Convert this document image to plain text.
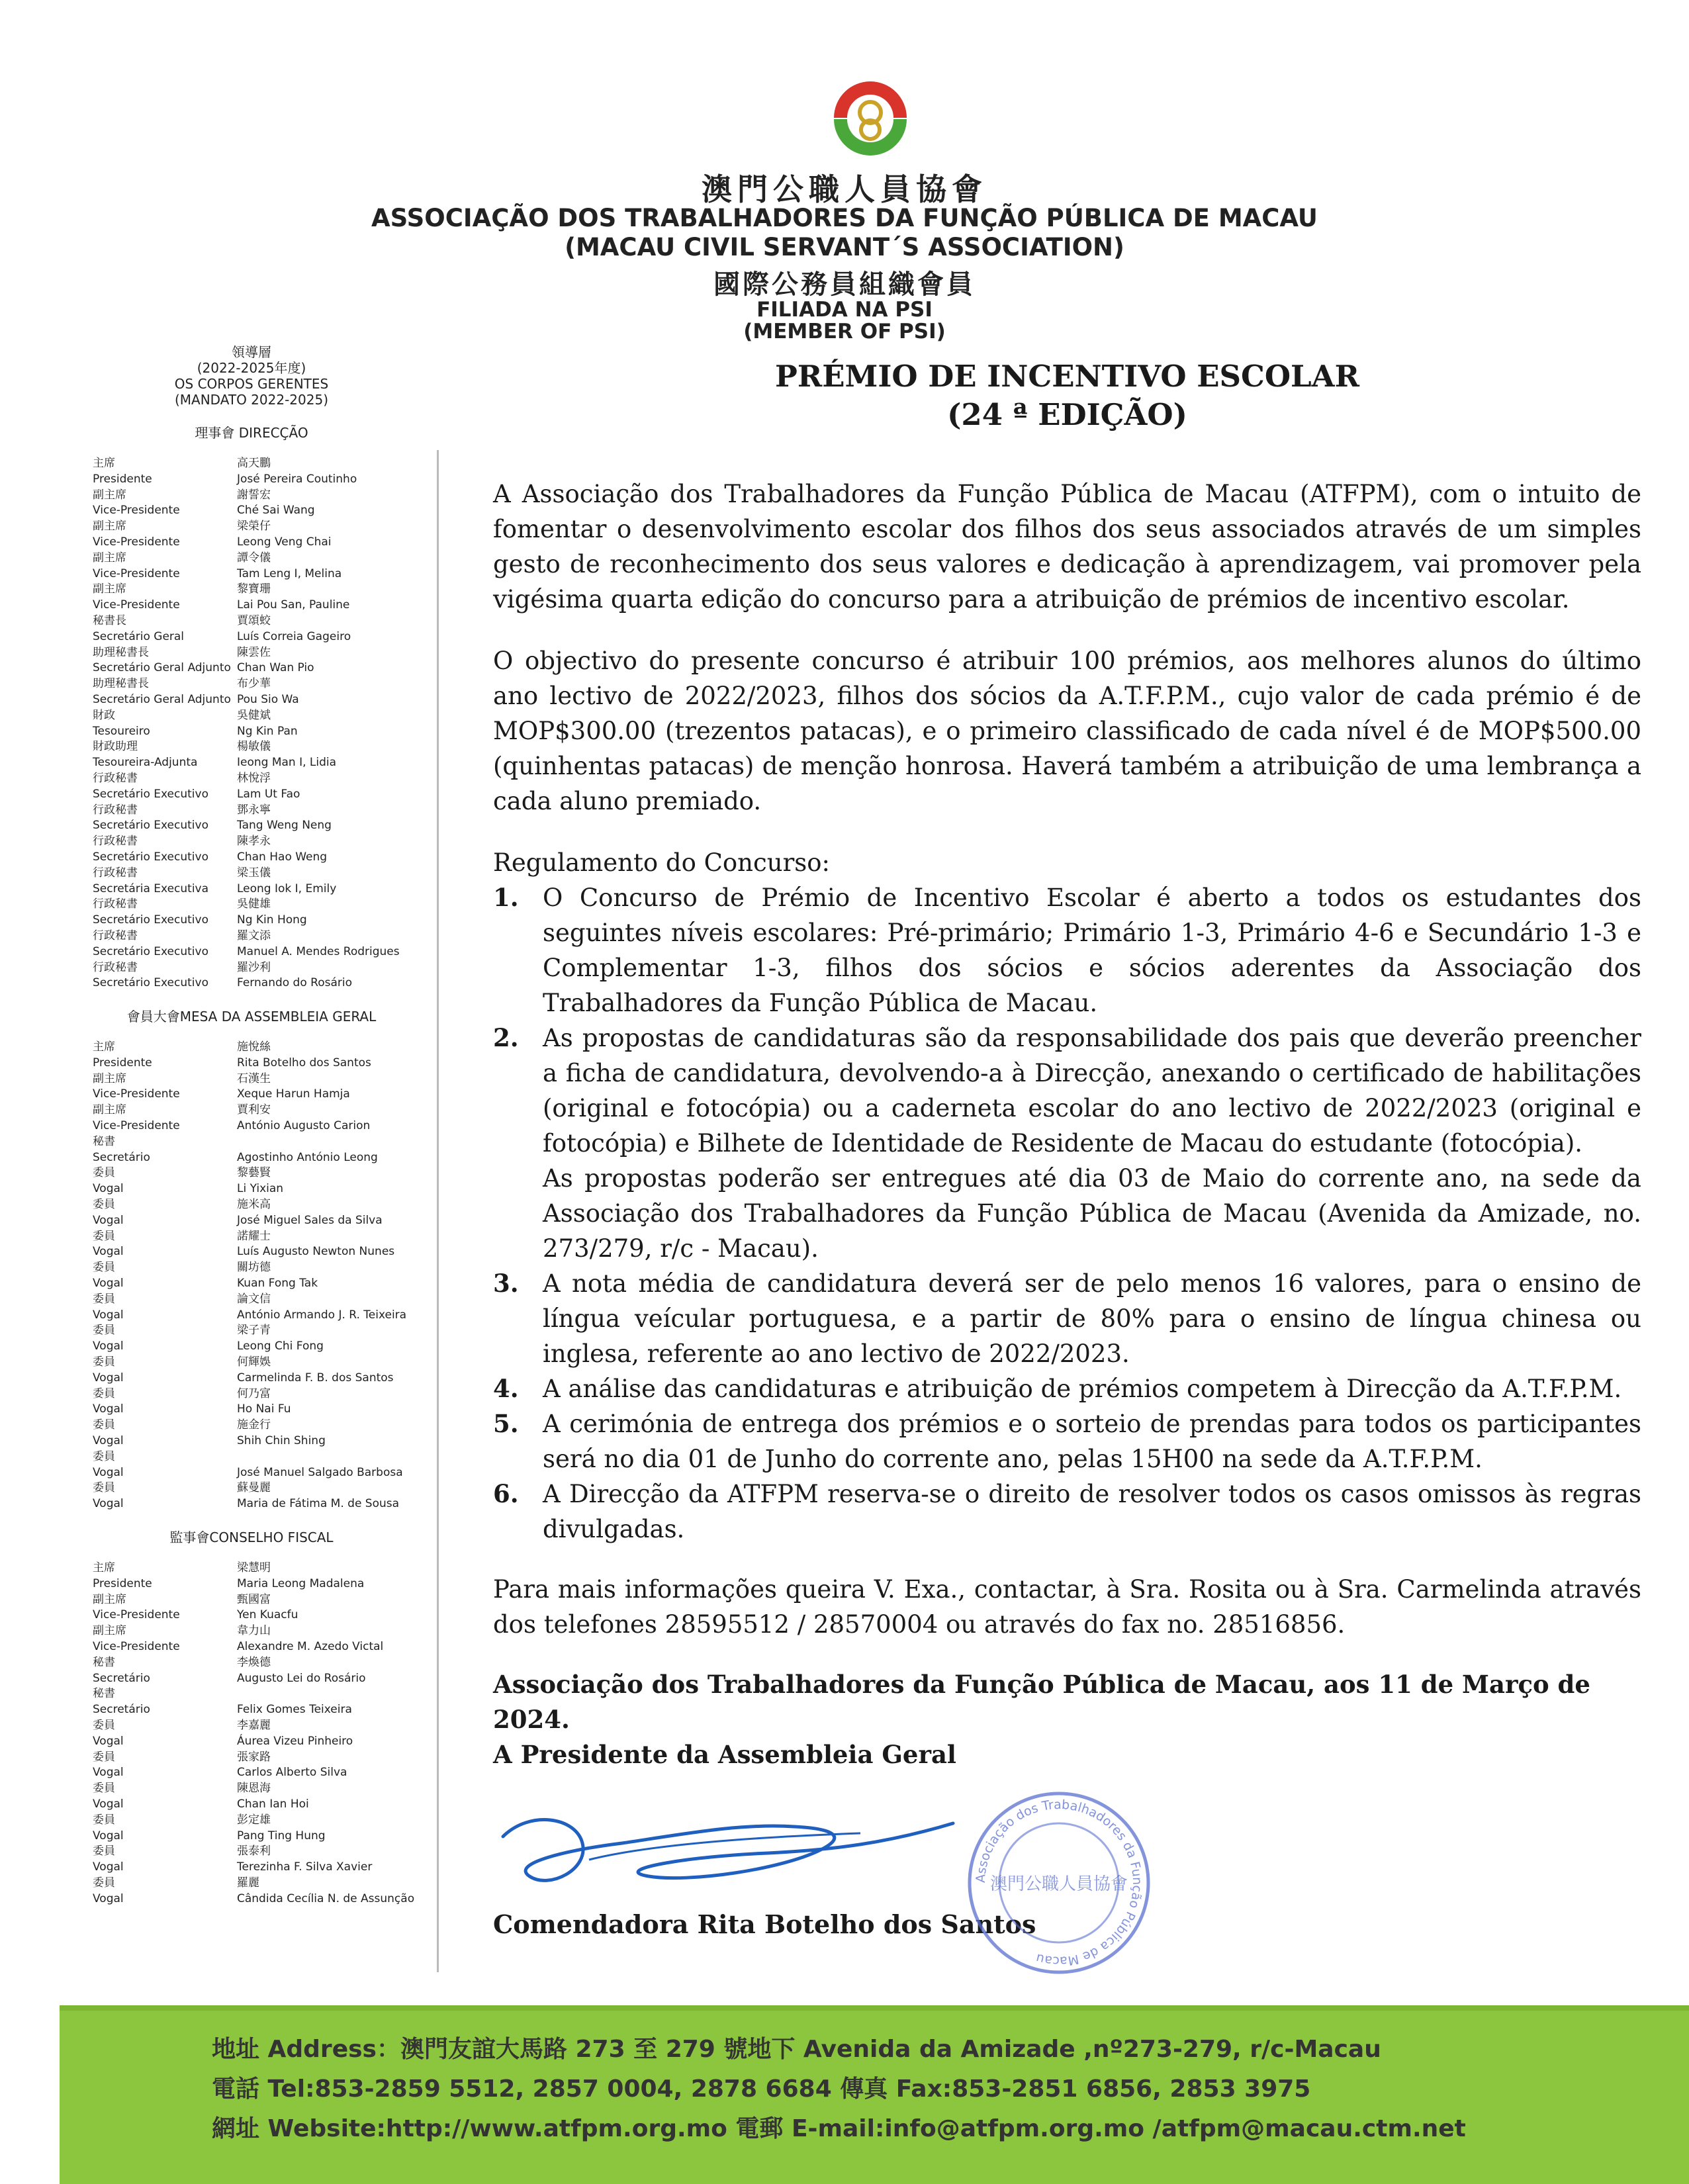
澳門公職人員協會
ASSOCIAÇÃO DOS TRABALHADORES DA FUNÇÃO PÚBLICA DE MACAU
(MACAU CIVIL SERVANT´S ASSOCIATION)
國際公務員組織會員
FILIADA NA PSI
(MEMBER OF PSI)
領導層
(2022-2025年度)
OS CORPOS GERENTES
(MANDATO 2022-2025)
理事會 DIRECÇÃO
主席	高天鵬
Presidente	José Pereira Coutinho
副主席	謝誓宏
Vice-Presidente	Ché Sai Wang
副主席	梁榮仔
Vice-Presidente	Leong Veng Chai
副主席	譚令儀
Vice-Presidente	Tam Leng I, Melina
副主席	黎寶珊
Vice-Presidente	Lai Pou San, Pauline
秘書長	賈頌蛟
Secretário Geral	Luís Correia Gageiro
助理秘書長	陳雲佐
Secretário Geral Adjunto Chan Wan Pio
助理秘書長	布少華
Secretário Geral Adjunto Pou Sio Wa
財政	吳健斌
Tesoureiro	Ng Kin Pan
財政助理	楊敏儀
Tesoureira-Adjunta	Ieong Man I, Lidia
行政秘書	林悅浮
Secretário Executivo	Lam Ut Fao
行政秘書	鄧永寧
Secretário Executivo	Tang Weng Neng
行政秘書	陳孝永
Secretário Executivo	Chan Hao Weng
行政秘書	梁玉儀
Secretária Executiva	Leong Iok I, Emily
行政秘書	吳健雄
Secretário Executivo	Ng Kin Hong
行政秘書	羅文添
Secretário Executivo	Manuel A. Mendes Rodrigues
行政秘書	羅沙利
Secretário Executivo	Fernando do Rosário
會員大會MESA DA ASSEMBLEIA GERAL
主席	施悅絲
Presidente	Rita Botelho dos Santos
副主席	石漢生
Vice-Presidente	Xeque Harun Hamja
副主席	賈利安
Vice-Presidente	António Augusto Carion
秘書
Secretário	Agostinho António Leong
委員	黎藝賢
Vogal	Li Yixian
委員	施米高
Vogal	José Miguel Sales da Silva
委員	諾耀士
Vogal	Luís Augusto Newton Nunes
委員	關坊德
Vogal	Kuan Fong Tak
委員	論文信
Vogal	António Armando J. R. Teixeira
委員	梁子青
Vogal	Leong Chi Fong
委員	何輝娛
Vogal	Carmelinda F. B. dos Santos
委員	何乃富
Vogal	Ho Nai Fu
委員	施金行
Vogal	Shih Chin Shing
委員
Vogal	José Manuel Salgado Barbosa
委員	蘇曼麗
Vogal	Maria de Fátima M. de Sousa
監事會CONSELHO FISCAL
主席	梁慧明
Presidente	Maria Leong Madalena
副主席	甄國富
Vice-Presidente	Yen Kuacfu
副主席	韋力山
Vice-Presidente	Alexandre M. Azedo Victal
秘書	李煥德
Secretário	Augusto Lei do Rosário
秘書
Secretário	Felix Gomes Teixeira
委員	李嘉麗
Vogal	Áurea Vizeu Pinheiro
委員	張家路
Vogal	Carlos Alberto Silva
委員	陳恩海
Vogal	Chan Ian Hoi
委員	彭定雄
Vogal	Pang Ting Hung
委員	張泰利
Vogal	Terezinha F. Silva Xavier
委員	羅麗
Vogal	Cândida Cecília N. de Assunção
PRÉMIO DE INCENTIVO ESCOLAR
(24 ª EDIÇÃO)

A Associação dos Trabalhadores da Função Pública de Macau (ATFPM), com o intuito de fomentar o desenvolvimento escolar dos filhos dos seus associados através de um simples gesto de reconhecimento dos seus valores e dedicação à aprendizagem, vai promover pela vigésima quarta edição do concurso para a atribuição de prémios de incentivo escolar.

O objectivo do presente concurso é atribuir 100 prémios, aos melhores alunos do último ano lectivo de 2022/2023, filhos dos sócios da A.T.F.P.M., cujo valor de cada prémio é de MOP$300.00 (trezentos patacas), e o primeiro classificado de cada nível é de MOP$500.00 (quinhentas patacas) de menção honrosa. Haverá também a atribuição de uma lembrança a cada aluno premiado.

Regulamento do Concurso:
1. O Concurso de Prémio de Incentivo Escolar é aberto a todos os estudantes dos seguintes níveis escolares: Pré-primário; Primário 1-3, Primário 4-6 e Secundário 1-3 e Complementar 1-3, filhos dos sócios e sócios aderentes da Associação dos Trabalhadores da Função Pública de Macau.
2. As propostas de candidaturas são da responsabilidade dos pais que deverão preencher a ficha de candidatura, devolvendo-a à Direcção, anexando o certificado de habilitações (original e fotocópia) ou a caderneta escolar do ano lectivo de 2022/2023 (original e fotocópia) e Bilhete de Identidade de Residente de Macau do estudante (fotocópia).
As propostas poderão ser entregues até dia 03 de Maio do corrente ano, na sede da Associação dos Trabalhadores da Função Pública de Macau (Avenida da Amizade, no. 273/279, r/c - Macau).
3. A nota média de candidatura deverá ser de pelo menos 16 valores, para o ensino de língua veícular portuguesa, e a partir de 80% para o ensino de língua chinesa ou inglesa, referente ao ano lectivo de 2022/2023.
4. A análise das candidaturas e atribuição de prémios competem à Direcção da A.T.F.P.M.
5. A cerimónia de entrega dos prémios e o sorteio de prendas para todos os participantes será no dia 01 de Junho do corrente ano, pelas 15H00 na sede da A.T.F.P.M.
6. A Direcção da ATFPM reserva-se o direito de resolver todos os casos omissos às regras divulgadas.

Para mais informações queira V. Exa., contactar, à Sra. Rosita ou à Sra. Carmelinda através dos telefones 28595512 / 28570004 ou através do fax no. 28516856.

Associação dos Trabalhadores da Função Pública de Macau, aos 11 de Março de 2024.
A Presidente da Assembleia Geral
Comendadora Rita Botelho dos Santos
Associação dos Trabalhadores da Função Pública de Macau
澳門公職人員協會
地址 Address：澳門友誼大馬路 273 至 279 號地下 Avenida da Amizade ,nº273-279, r/c-Macau
電話 Tel:853-2859 5512, 2857 0004, 2878 6684 傳真 Fax:853-2851 6856, 2853 3975
網址 Website:http://www.atfpm.org.mo 電郵 E-mail:info@atfpm.org.mo /atfpm@macau.ctm.net
